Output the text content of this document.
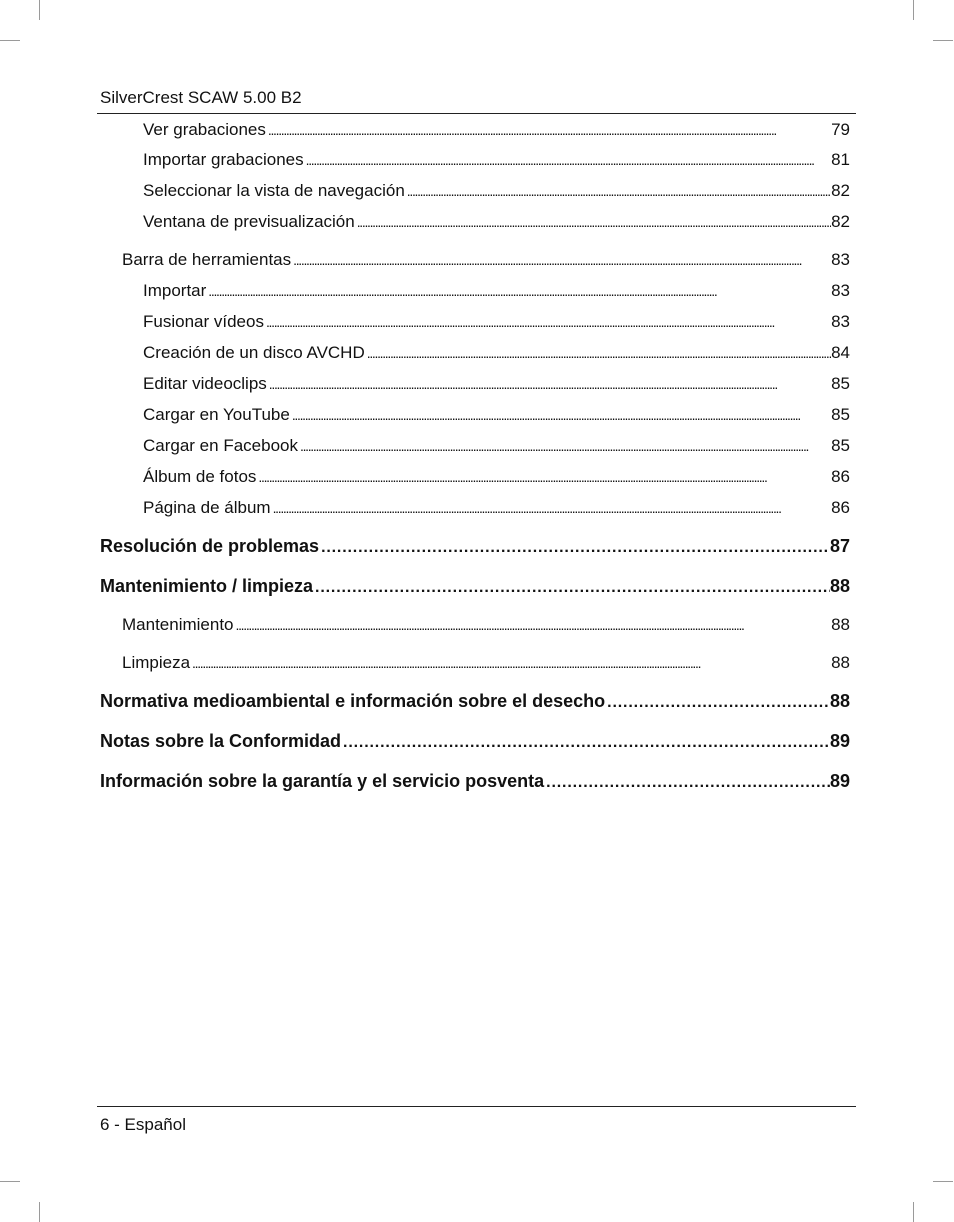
SilverCrest SCAW 5.00 B2
Ver grabaciones . . .	79
Importar grabaciones . . .	81
Seleccionar la vista de navegación . . .	82
Ventana de previsualización . . .	82
Barra de herramientas . . .	83
Importar . . .	83
Fusionar vídeos . . .	83
Creación de un disco AVCHD . . .	84
Editar videoclips . . .	85
Cargar en YouTube . . .	85
Cargar en Facebook . . .	85
Álbum de fotos . . .	86
Página de álbum . . .	86
Resolución de problemas . . .	87
Mantenimiento / limpieza . . .	88
Mantenimiento . . .	88
Limpieza . . .	88
Normativa medioambiental e información sobre el desecho . . .	88
Notas sobre la Conformidad . . .	89
Información sobre la garantía y el servicio posventa . . .	89
6 - Español
